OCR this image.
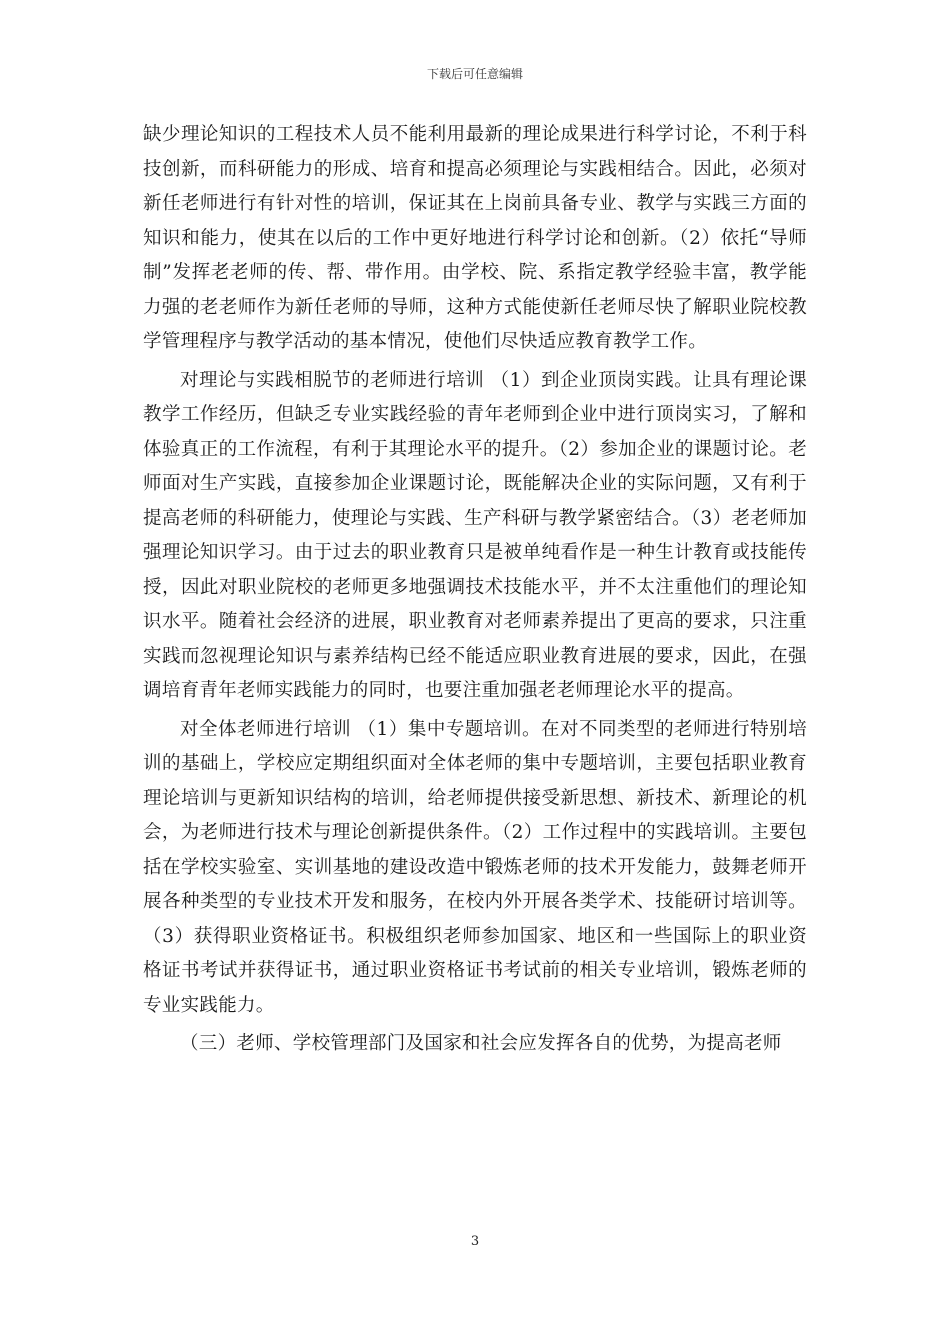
下载后可任意编辑

缺少理论知识的工程技术人员不能利用最新的理论成果进行科学讨论，不利于科技创新，而科研能力的形成、培育和提高必须理论与实践相结合。因此，必须对新任老师进行有针对性的培训，保证其在上岗前具备专业、教学与实践三方面的知识和能力，使其在以后的工作中更好地进行科学讨论和创新。（2）依托“导师制”发挥老老师的传、帮、带作用。由学校、院、系指定教学经验丰富，教学能力强的老老师作为新任老师的导师，这种方式能使新任老师尽快了解职业院校教学管理程序与教学活动的基本情况，使他们尽快适应教育教学工作。

对理论与实践相脱节的老师进行培训 （1）到企业顶岗实践。让具有理论课教学工作经历，但缺乏专业实践经验的青年老师到企业中进行顶岗实习，了解和体验真正的工作流程，有利于其理论水平的提升。（2）参加企业的课题讨论。老师面对生产实践，直接参加企业课题讨论，既能解决企业的实际问题，又有利于提高老师的科研能力，使理论与实践、生产科研与教学紧密结合。（3）老老师加强理论知识学习。由于过去的职业教育只是被单纯看作是一种生计教育或技能传授，因此对职业院校的老师更多地强调技术技能水平，并不太注重他们的理论知识水平。随着社会经济的进展，职业教育对老师素养提出了更高的要求，只注重实践而忽视理论知识与素养结构已经不能适应职业教育进展的要求，因此，在强调培育青年老师实践能力的同时，也要注重加强老老师理论水平的提高。

对全体老师进行培训 （1）集中专题培训。在对不同类型的老师进行特别培训的基础上，学校应定期组织面对全体老师的集中专题培训，主要包括职业教育理论培训与更新知识结构的培训，给老师提供接受新思想、新技术、新理论的机会，为老师进行技术与理论创新提供条件。（2）工作过程中的实践培训。主要包括在学校实验室、实训基地的建设改造中锻炼老师的技术开发能力，鼓舞老师开展各种类型的专业技术开发和服务，在校内外开展各类学术、技能研讨培训等。（3）获得职业资格证书。积极组织老师参加国家、地区和一些国际上的职业资格证书考试并获得证书，通过职业资格证书考试前的相关专业培训，锻炼老师的专业实践能力。

（三）老师、学校管理部门及国家和社会应发挥各自的优势，为提高老师

3
